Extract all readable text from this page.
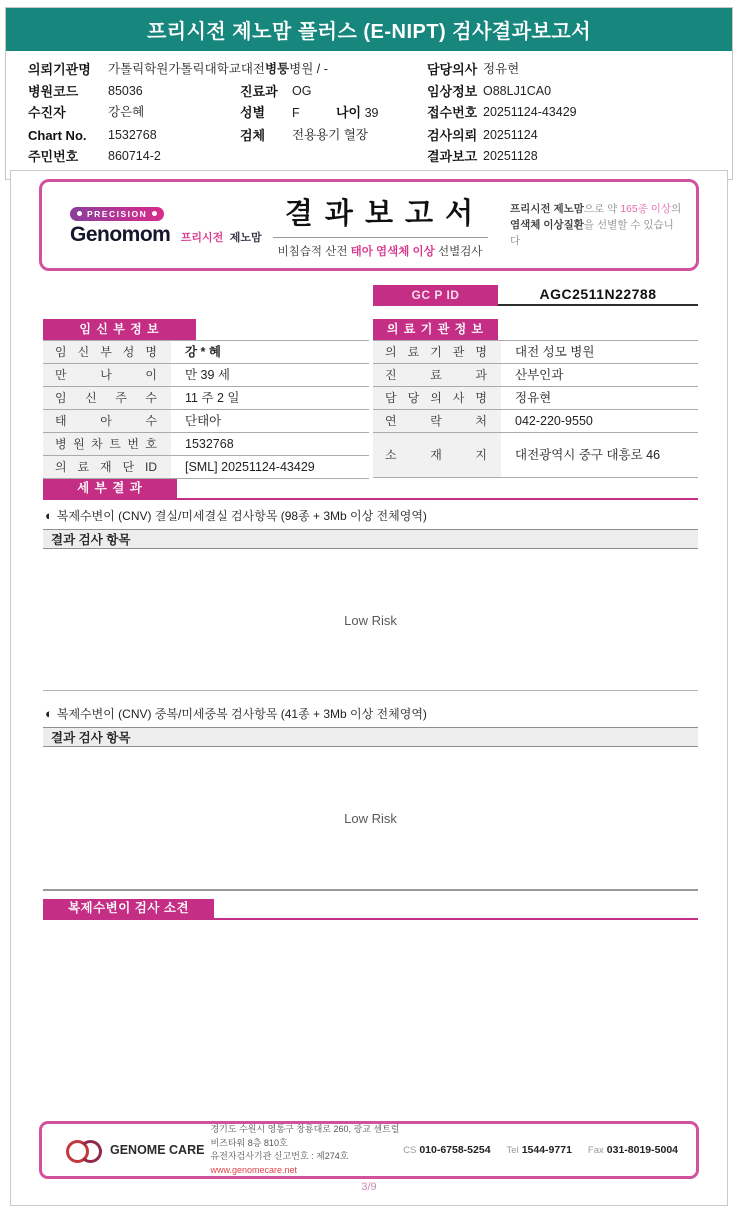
프리시전 제노맘 플러스 (E-NIPT) 검사결과보고서
의뢰기관명	가톨릭학원가톨릭대학교대전병퉁병원 / -	담당의사 정유현
병원코드	85036	진료과	OG	임상정보 O88LJ1CA0
수진자	강은혜	성별	F	나이 39	접수번호 20251124-43429
Chart No.	1532768	검체	전용용기 혈장	검사의뢰 20251124
주민번호	860714-2	결과보고 20251128
PRECISION
Genomom 프리시전 제노맘
결 과 보 고 서
비침습적 산전 태아 염색체 이상 선별검사
프리시전 제노맘으로 약 165종 이상의
염색체 이상질환을 선별할 수 있습니다
GC P ID	AGC2511N22788
임 신 부 정 보
임 신 부 성 명	강 * 혜
만 나 이	만 39 세
임 신 주 수	11 주 2 일
태 아 수	단태아
병 원 차 트 번 호	1532768
의 료 재 단 ID	[SML] 20251124-43429
의 료 기 관 정 보
의 료 기 관 명	대전 성모 병원
진 료 과	산부인과
담 당 의 사 명	정유현
연 락 처	042-220-9550
소 재 지	대전광역시 중구 대흥로 46
세 부 결 과
◐ 복제수변이 (CNV) 결실/미세결실 검사항목 (98종 + 3Mb 이상 전체영역)
결과 검사 항목
Low Risk
◐ 복제수변이 (CNV) 중복/미세중복 검사항목 (41종 + 3Mb 이상 전체영역)
결과 검사 항목
Low Risk
복제수변이 검사 소견
GENOME CARE
경기도 수원시 영통구 창룡대로 260, 광교 센트럴비즈타워 8층 810호
유전자검사기관 신고번호 : 제274호
www.genomecare.net
CS 010-6758-5254 Tel 1544-9771 Fax 031-8019-5004
3/9
